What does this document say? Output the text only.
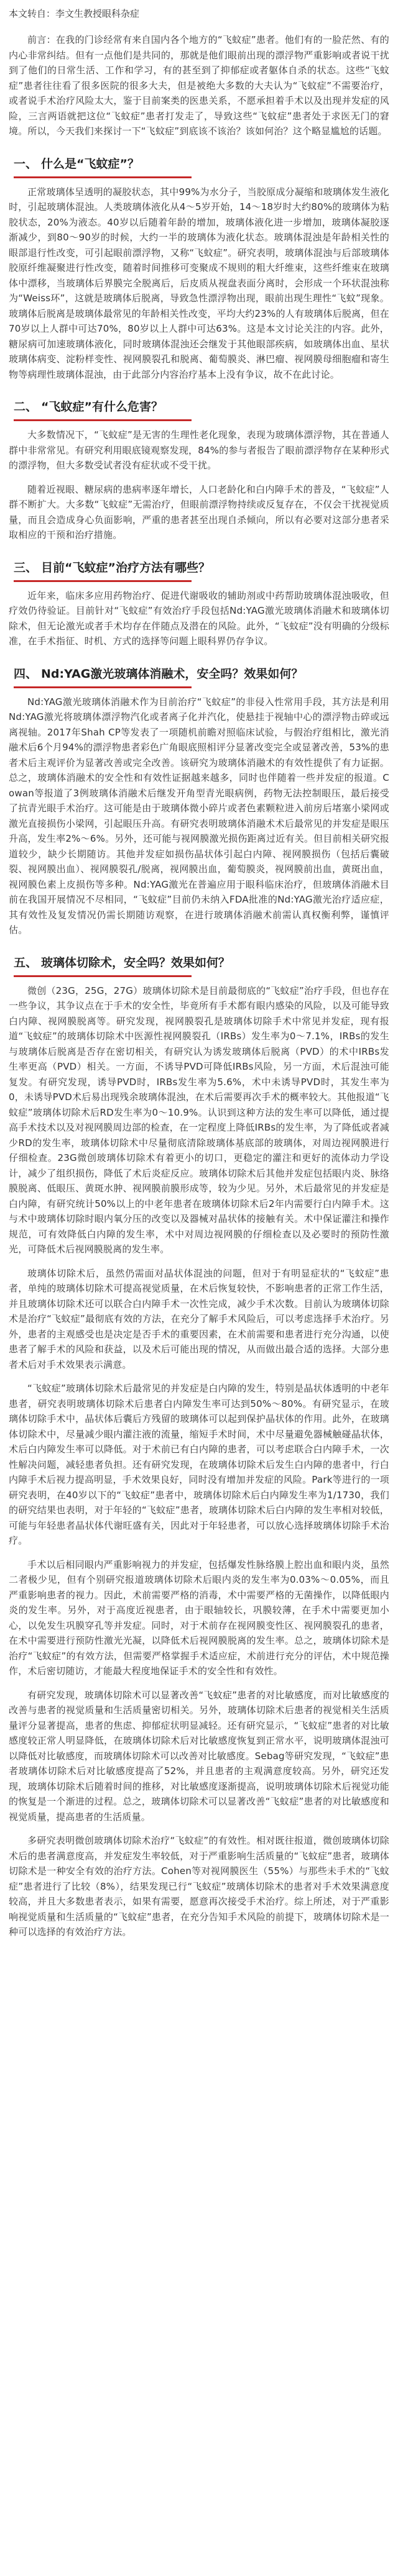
本文转自：李文生教授眼科杂症

前言：在我的门诊经常有来自国内各个地方的“飞蚊症”患者。他们有的一脸茫然、有的内心非常纠结。但有一点他们是共同的，那就是他们眼前出现的漂浮物严重影响或者说干扰到了他们的日常生活、工作和学习，有的甚至到了抑郁症或者躯体自杀的状态。这些“飞蚊症”患者往往看了很多医院的很多大夫，但是被绝大多数的大夫认为“飞蚊症”不需要治疗，或者说手术治疗风险太大，鉴于目前案类的医患关系，不愿承担着手术以及出现并发症的风险，三言两语就把这位“飞蚊症”患者打发走了，导致这些“飞蚊症”患者处于求医无门的窘境。所以，今天我们来探讨一下“飞蚊症”到底该不该治？该如何治？这个略显尴尬的话题。

一、 什么是“飞蚊症”？

正常玻璃体呈透明的凝胶状态，其中99%为水分子，当胶原成分凝缩和玻璃体发生液化时，引起玻璃体混浊。人类玻璃体液化从4～5岁开始，14～18岁时大约80%的玻璃体为粘胶状态，20%为液态。40岁以后随着年龄的增加，玻璃体液化进一步增加，玻璃体凝胶逐渐减少，到80～90岁的时候，大约一半的玻璃体为液化状态。玻璃体混浊是年龄相关性的眼部退行性改变，可引起眼前漂浮物，又称“飞蚊症”。研究表明，玻璃体混浊与后部玻璃体胶原纤维凝聚进行性改变，随着时间推移可变聚成不规则的粗大纤维束，这些纤维束在玻璃体中漂移，当玻璃体后界膜完全脱离后，后皮质从视盘表面分离时，会形成一个环状混浊称为“Weiss环”，这就是玻璃体后脱离，导致急性漂浮物出现，眼前出现生理性“飞蚊”现象。玻璃体后脱离是玻璃体最常见的年龄相关性改变，平均大约23%的人有玻璃体后脱离，但在70岁以上人群中可达70%，80岁以上人群中可达63%。这是本文讨论关注的内容。此外，糖尿病可加速玻璃体液化，同时玻璃体混浊还会继发于其他眼部疾病，如玻璃体出血、星状玻璃体病变、淀粉样变性、视网膜裂孔和脱离、葡萄膜炎、淋巴瘤、视网膜母细胞瘤和寄生物等病理性玻璃体混浊，由于此部分内容治疗基本上没有争议，故不在此讨论。

二、 “飞蚊症”有什么危害？

大多数情况下，“飞蚊症”是无害的生理性老化现象，表现为玻璃体漂浮物，其在普通人群中非常常见。有研究利用眼底镜观察发现，84%的参与者报告了眼前漂浮物存在某种形式的漂浮物，但大多数受试者没有症状或不受干扰。

随着近视眼、糖尿病的患病率逐年增长，人口老龄化和白内障手术的普及，“飞蚊症”人群不断扩大。大多数“飞蚊症”无需治疗，但眼前漂浮物持续或反复存在，不仅会干扰视觉质量，而且会造成身心负面影响，严重的患者甚至出现自杀倾向，所以有必要对这部分患者采取相应的干预和治疗措施。

三、 目前“飞蚊症”治疗方法有哪些？

近年来，临床多应用药物治疗、促进代谢吸收的辅助剂或中药帮助玻璃体混浊吸收，但疗效仍待验证。目前针对“飞蚊症”有效治疗手段包括Nd:YAG激光玻璃体消融术和玻璃体切除术，但无论激光或者手术均存在伴随点及潜在的风险。此外，“飞蚊症”没有明确的分级标准，在手术指征、时机、方式的选择等问题上眼科界仍存争议。

四、 Nd:YAG激光玻璃体消融术，安全吗？效果如何？

Nd:YAG激光玻璃体消融术作为目前治疗“飞蚊症”的非侵入性常用手段，其方法是利用Nd:YAG激光将玻璃体漂浮物汽化或者离子化并汽化，使悬挂于视轴中心的漂浮物击碎或远离视轴。2017年Shah CP等发表了一项随机前瞻对照临床试验，与假治疗组相比，激光消融术后6个月94%的漂浮物患者彩色广角眼底照相评分显著改变完全或显著改善，53%的患者术后主观评价为显著改善或完全改善。该研究为玻璃体消融术的有效性提供了有力证据。总之，玻璃体消融术的安全性和有效性证据越来越多，同时也伴随着一些并发症的报道。Cowan等报道了3例玻璃体消融术后继发开角型青光眼病例，药物无法控制眼压，最后接受了抗青光眼手术治疗。这可能是由于玻璃体微小碎片或者色素颗粒进入前房后堵塞小梁网或激光直接损伤小梁网，引起眼压升高。有研究表明玻璃体消融术术后最常见的并发症是眼压升高，发生率2%～6%。另外，还可能与视网膜激光损伤距离过近有关。但目前相关研究报道较少，缺少长期随访。其他并发症如损伤晶状体引起白内障、视网膜损伤（包括后囊破裂、视网膜出血）、视网膜裂孔/脱离，视网膜出血，葡萄膜炎，视网膜前出血，黄斑出血，视网膜色素上皮损伤等多种。Nd:YAG激光在普遍应用于眼科临床治疗，但玻璃体消融术目前在我国开展情况不尽相同，“飞蚊症”目前仍未纳入FDA批准的Nd:YAG激光治疗适应症，其有效性及复发情况仍需长期随访观察，在进行玻璃体消融术前需认真权衡利弊，谨慎评估。

五、 玻璃体切除术，安全吗？效果如何？

微创（23G，25G，27G）玻璃体切除术是目前最彻底的“飞蚊症”治疗手段，但也存在一些争议，其争议点在于手术的安全性，毕竟所有手术都有眼内感染的风险，以及可能导致白内障、视网膜脱离等。研究发现，视网膜裂孔是玻璃体切除手术中常见并发症，现有报道“飞蚊症”的玻璃体切除术中医源性视网膜裂孔（IRBs）发生率为0～7.1%，IRBs的发生与玻璃体后脱离是否存在密切相关，有研究认为诱发玻璃体后脱离（PVD）的术中IRBs发生率更高（PVD）相关。一方面，不诱导PVD可降低IRBs风险，另一方面，术后混浊可能复发。有研究发现，诱导PVD时，IRBs发生率为5.6%，术中未诱导PVD时，其发生率为0，未诱导PVD术后易出现残余玻璃体混浊，在术后需要再次手术的概率较大。其他报道“飞蚊症”玻璃体切除术后RD发生率为0～10.9%。认识到这种方法的发生率可以降低，通过提高手术技术以及对视网膜周边部的检查，在一定程度上降低IRBs的发生率，为了降低或者减少RD的发生率，玻璃体切除术中尽量彻底清除玻璃体基底部的玻璃体，对周边视网膜进行仔细检查。23G微创玻璃体切除术有着更小的切口，更稳定的灌注和更好的流体动力学设计，减少了组织损伤，降低了术后炎症反应。玻璃体切除术后其他并发症包括眼内炎、脉络膜脱离、低眼压、黄斑水肿、视网膜前膜形成等，较为少见。另外，术后最常见的并发症是白内障，有研究统计50%以上的中老年患者在玻璃体切除术后2年内需要行白内障手术。这与术中玻璃体切除时眼内氧分压的改变以及器械对晶状体的接触有关。术中保证灌注和操作规范，可有效降低白内障的发生率，术中对周边视网膜的仔细检查以及必要时的预防性激光，可降低术后视网膜脱离的发生率。

玻璃体切除术后，虽然仍需面对晶状体混浊的问题，但对于有明显症状的“飞蚊症”患者，单纯的玻璃体切除术可提高视觉质量，在术后恢复较快，不影响患者的正常工作生活，并且玻璃体切除术还可以联合白内障手术一次性完成，减少手术次数。目前认为玻璃体切除术是治疗“飞蚊症”最彻底有效的方法，在充分了解手术风险后，可以考虑选择手术治疗。另外，患者的主观感受也是决定是否手术的重要因素，在术前需要和患者进行充分沟通，以使患者了解手术的风险和获益，以及术后可能出现的情况，从而做出最合适的选择。大部分患者术后对手术效果表示满意。

“飞蚊症”玻璃体切除术后最常见的并发症是白内障的发生，特别是晶状体透明的中老年患者，研究表明玻璃体切除术后患者白内障发生率可达到50%～80%。有研究显示，在玻璃体切除手术中，晶状体后囊后方残留的玻璃体可以起到保护晶状体的作用。此外，在玻璃体切除术中，尽量减少眼内灌注液的流量，缩短手术时间，术中尽量避免器械触碰晶状体，术后白内障发生率可以降低。对于术前已有白内障的患者，可以考虑联合白内障手术，一次性解决问题，减轻患者负担。还有研究发现，在玻璃体切除术后发生白内障的患者中，行白内障手术后视力提高明显，手术效果良好，同时没有增加并发症的风险。Park等进行的一项研究表明，在40岁以下的“飞蚊症”患者中，玻璃体切除术后白内障发生率为1/1730，我们的研究结果也表明，对于年轻的“飞蚊症”患者，玻璃体切除术后白内障的发生率相对较低，可能与年轻患者晶状体代谢旺盛有关，因此对于年轻患者，可以放心选择玻璃体切除手术治疗。

手术以后相同眼内严重影响视力的并发症，包括爆发性脉络膜上腔出血和眼内炎，虽然二者极少见，但有个别研究报道玻璃体切除术后眼内炎的发生率为0.03%～0.05%，而且严重影响患者的视力。因此，术前需要严格的消毒，术中需要严格的无菌操作，以降低眼内炎的发生率。另外，对于高度近视患者，由于眼轴较长，巩膜较薄，在手术中需要更加小心，以免发生巩膜穿孔等并发症。同时，对于术前存在视网膜变性区、视网膜裂孔的患者，在术中需要进行预防性激光光凝，以降低术后视网膜脱离的发生率。总之，玻璃体切除术是治疗“飞蚊症”的有效方法，但需要严格掌握手术适应症，术前进行充分的评估，术中规范操作，术后密切随访，才能最大程度地保证手术的安全性和有效性。

有研究发现，玻璃体切除术可以显著改善“飞蚊症”患者的对比敏感度，而对比敏感度的改善与患者的视觉质量和生活质量密切相关。另外，玻璃体切除术后患者的视觉相关生活质量评分显著提高，患者的焦虑、抑郁症状明显减轻。还有研究显示，“飞蚊症”患者的对比敏感度较正常人明显降低，在玻璃体切除术后对比敏感度恢复到正常水平，说明玻璃体混浊可以降低对比敏感度，而玻璃体切除术可以改善对比敏感度。Sebag等研究发现，“飞蚊症”患者玻璃体切除术后对比敏感度提高了52%，并且患者的主观满意度较高。另外，研究还发现，玻璃体切除术后随着时间的推移，对比敏感度逐渐提高，说明玻璃体切除术后视觉功能的恢复是一个渐进的过程。总之，玻璃体切除术可以显著改善“飞蚊症”患者的对比敏感度和视觉质量，提高患者的生活质量。

多研究表明微创玻璃体切除术治疗“飞蚊症”的有效性。相对既往报道，微创玻璃体切除术后的患者满意度高，并发症发生率较低，对于严重影响生活质量的“飞蚊症”患者，玻璃体切除术是一种安全有效的治疗方法。Cohen等对视网膜医生（55%）与那些未手术的“飞蚊症”患者进行了比较（8%），结果发现已行“飞蚊症”玻璃体切除术的患者对手术效果满意度较高，并且大多数患者表示，如果有需要，愿意再次接受手术治疗。综上所述，对于严重影响视觉质量和生活质量的“飞蚊症”患者，在充分告知手术风险的前提下，玻璃体切除术是一种可以选择的有效治疗方法。
